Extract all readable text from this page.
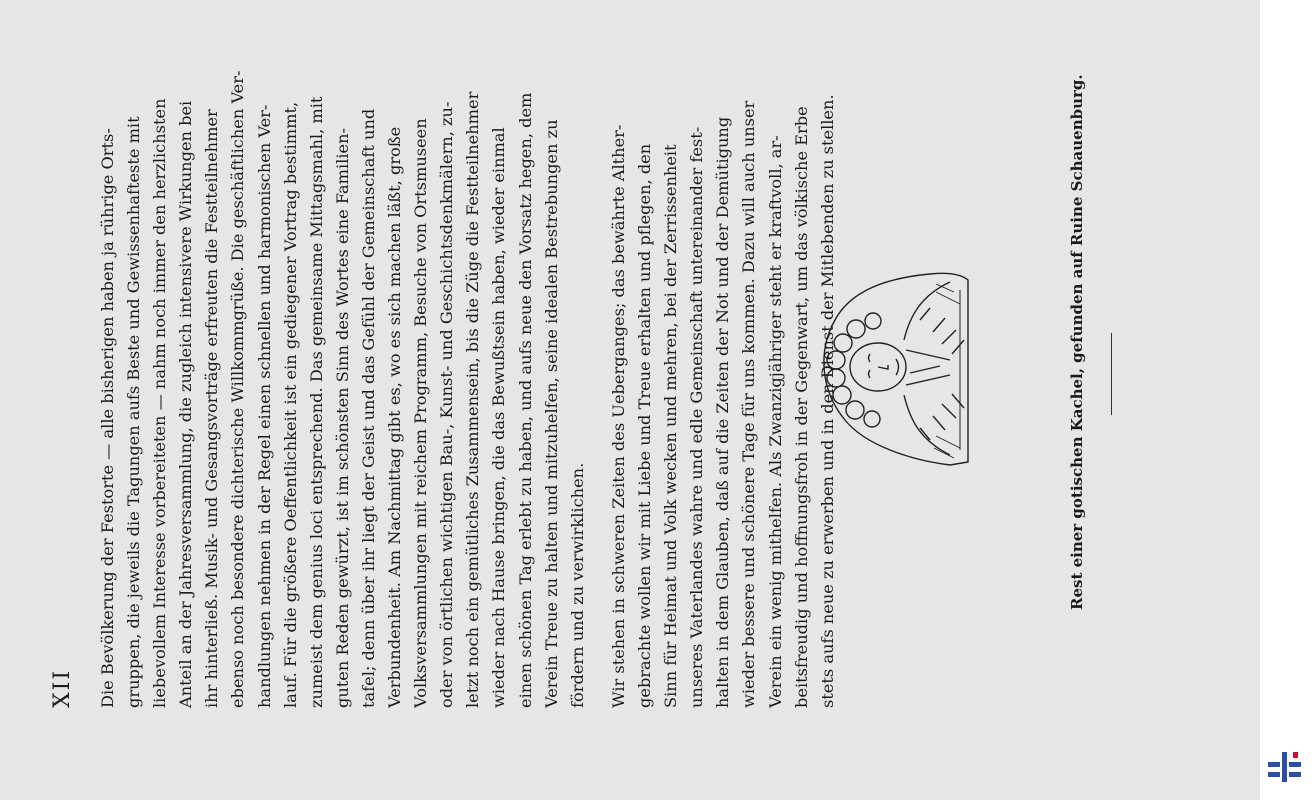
XII Die Bevölkerung der Festorte — alle bisherigen haben ja rührige Orts- gruppen, die jeweils die Tagungen aufs Beste und Gewissenhafteste mit liebevollem Interesse vorbereiteten — nahm noch immer den herzlichsten Anteil an der Jahresversammlung, die zugleich intensivere Wirkungen bei ihr hinterließ. Musik- und Gesangsvorträge erfreuten die Festteilnehmer ebenso noch besondere dichterische Willkommgrüße. Die geschäftlichen Ver- handlungen nehmen in der Regel einen schnellen und harmonischen Ver- lauf. Für die größere Oeffentlichkeit ist ein gediegener Vortrag bestimmt, zumeist dem genius loci entsprechend. Das gemeinsame Mittagsmahl, mit guten Reden gewürzt, ist im schönsten Sinn des Wortes eine Familien- tafel; denn über ihr liegt der Geist und das Gefühl der Gemeinschaft und Verbundenheit. Am Nachmittag gibt es, wo es sich machen läßt, große Volksversammlungen mit reichem Programm, Besuche von Ortsmuseen oder von örtlichen wichtigen Bau-, Kunst- und Geschichtsdenkmälern, zu- letzt noch ein gemütliches Zusammensein, bis die Züge die Festteilnehmer wieder nach Hause bringen, die das Bewußtsein haben, wieder einmal einen schönen Tag erlebt zu haben, und aufs neue den Vorsatz hegen, dem Verein Treue zu halten und mitzuhelfen, seine idealen Bestrebungen zu fördern und zu verwirklichen. Wir stehen in schweren Zeiten des Ueberganges; das bewährte Alther- gebrachte wollen wir mit Liebe und Treue erhalten und pflegen, den Sinn für Heimat und Volk wecken und mehren, bei der Zerrissenheit unseres Vaterlandes wahre und edle Gemeinschaft untereinander fest- halten in dem Glauben, daß auf die Zeiten der Not und der Demütigung wieder bessere und schönere Tage für uns kommen. Dazu will auch unser Verein ein wenig mithelfen. Als Zwanzigjähriger steht er kraftvoll, ar- beitsfreudig und hoffnungsfroh in der Gegenwart, um das völkische Erbe stets aufs neue zu erwerben und in den Dienst der Mitlebenden zu stellen.	Rest einer gotischen Kachel, gefunden auf Ruine Schauenburg.
